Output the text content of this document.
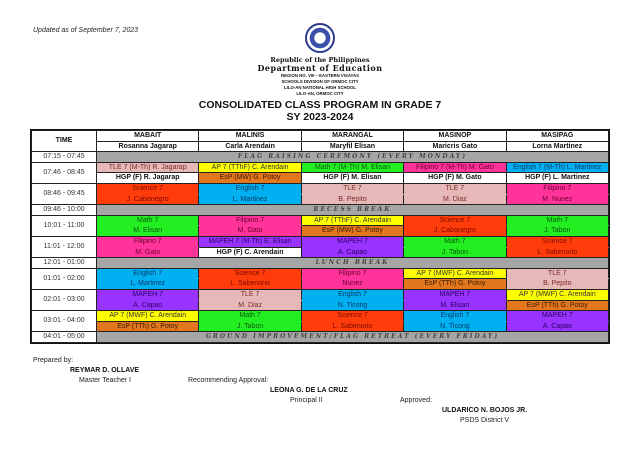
Updated as of September 7, 2023
Republic of the Philippines
Department of Education
REGION NO. VIII – EASTERN VISAYAS
SCHOOLS DIVISION OF ORMOC CITY
LILO-AN NATIONAL HIGH SCHOOL
LILO-AN, ORMOC CITY
CONSOLIDATED CLASS PROGRAM IN GRADE 7
SY 2023-2024
TIME	MABAIT	MALINIS	MARANGAL	MASINOP	MASIPAG
	Rosanna Jagarap	Carla Arendain	Maryfil Elisan	Maricris Gato	Lorna Martinez
07:15 - 07:45	FLAG RAISING CEREMONY (EVERY MONDAY)				
07:46 - 08:45	TLE 7 (M-Th) R. Jagarap	AP 7 (TThF) C. Arendain	Math 7 (M-Th) M. Elisan	Filipino 7 (M-Th) M. Gato	English 7 (M-Th) L. Martinez
	HGP (F) R. Jagarap	EsP (MW) G. Potoy	HGP (F) M. Elisan	HGP (F) M. Gato	HGP (F) L. Martinez
08:46 - 09:45	Science 7	English 7	TLE 7	TLE 7	Filipino 7
	J. Cabonegro	L. Martinez	B. Pepito	M. Diaz	M. Nunez
09:46 - 10:00	RECESS BREAK				
10:01 - 11:00	Math 7	Filipino 7	AP 7 (TThF) C. Arendain	Science 7	Math 7
	M. Elisan	M. Gato	EsP (MW) G. Potoy	J. Cabonegro	J. Tabon
11:01 - 12:00	Filipino 7	MAPEH 7 (M-Th) E. Elisan	MAPEH 7	Math 7	Science 7
	M. Gato	HGP (F) C. Arendain	A. Capao	J. Tabon	L. Sabenorio
12:01 - 01:00	LUNCH BREAK				
01:01 - 02:00	English 7	Science 7	Filipino 7	AP 7 (MWF) C. Arendain	TLE 7
	L. Martinez	L. Sabenorio	Nunez	EsP (TTh) G. Potoy	B. Pepito
02:01 - 03:00	MAPEH 7	TLE 7	English 7	MAPEH 7	AP 7 (MWF) C. Arendain
	A. Capao	M. Diaz	N. Ticong	M. Elisan	EsP (TTh) G. Potoy
03:01 - 04:00	AP 7 (MWF) C. Arendain	Math 7	Science 7	English 7	MAPEH 7
	EsP (TTh) G. Potoy	J. Tabon	L. Sabenorio	N. Ticong	A. Capao
04:01 - 05:00	GROUND IMPROVEMENT/FLAG RETREAT (EVERY FRIDAY)				
Prepared by:
REYMAR D. OLLAVE
Master Teacher I	Recommending Approval:
LEONA G. DE LA CRUZ
Principal II	Approved:
ULDARICO N. BOJOS JR.
PSDS District V
